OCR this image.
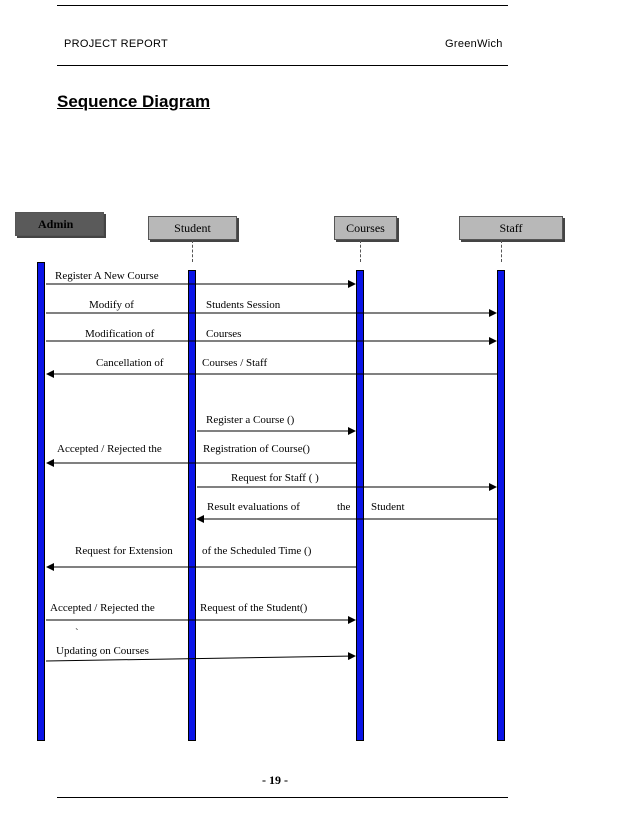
PROJECT REPORT	GreenWich
Sequence Diagram
Admin	Student	Courses	Staff
Register A New Course
Modify of	Students Session
Modification of	Courses
Cancellation of	Courses / Staff
Register a Course ()
Accepted / Rejected the	Registration of Course()
Request for Staff ( )
Result evaluations of	the Student
Request for Extension	of the Scheduled Time ()
Accepted / Rejected the	Request of the Student()
`
Updating on Courses
- 19 -
